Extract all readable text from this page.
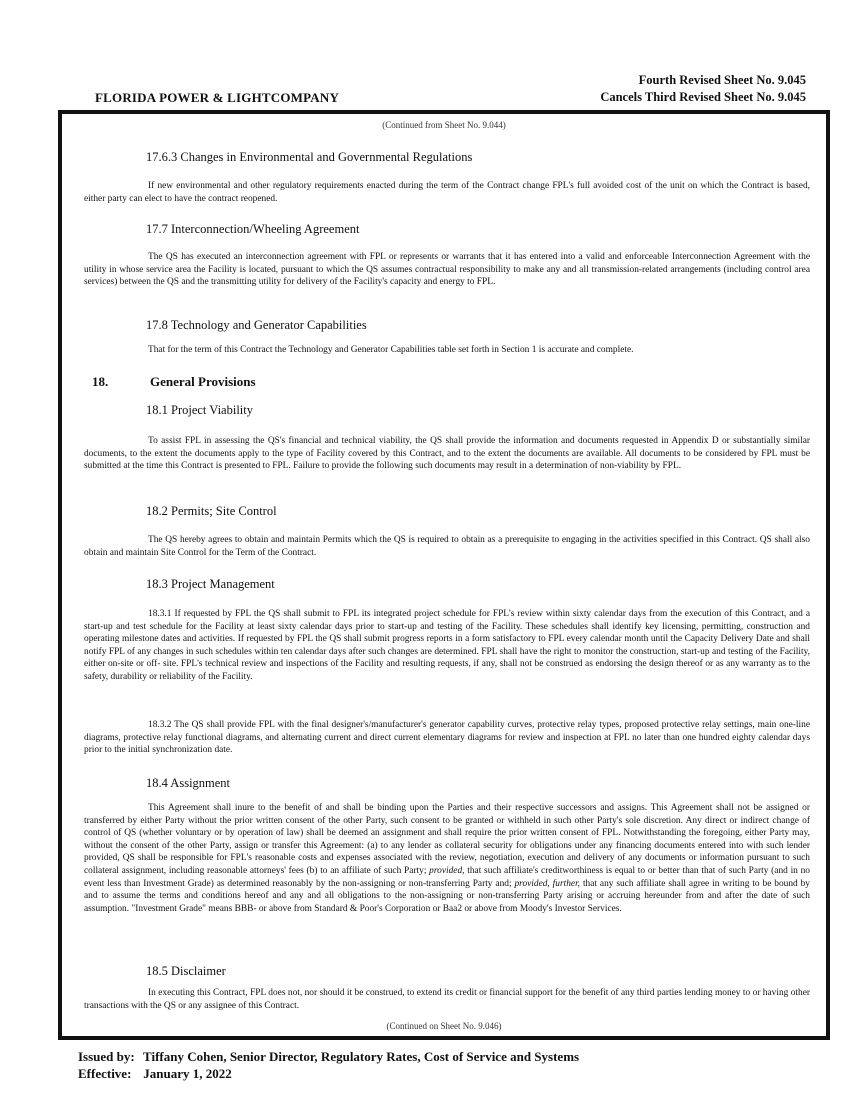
Fourth Revised Sheet No. 9.045
Cancels Third Revised Sheet No. 9.045
FLORIDA POWER & LIGHTCOMPANY
(Continued from Sheet No. 9.044)
17.6.3 Changes in Environmental and Governmental Regulations
If new environmental and other regulatory requirements enacted during the term of the Contract change FPL's full avoided cost of the unit on which the Contract is based, either party can elect to have the contract reopened.
17.7 Interconnection/Wheeling Agreement
The QS has executed an interconnection agreement with FPL or represents or warrants that it has entered into a valid and enforceable Interconnection Agreement with the utility in whose service area the Facility is located, pursuant to which the QS assumes contractual responsibility to make any and all transmission-related arrangements (including control area services) between the QS and the transmitting utility for delivery of the Facility's capacity and energy to FPL.
17.8 Technology and Generator Capabilities
That for the term of this Contract the Technology and Generator Capabilities table set forth in Section 1 is accurate and complete.
18.	General Provisions
18.1 Project Viability
To assist FPL in assessing the QS's financial and technical viability, the QS shall provide the information and documents requested in Appendix D or substantially similar documents, to the extent the documents apply to the type of Facility covered by this Contract, and to the extent the documents are available. All documents to be considered by FPL must be submitted at the time this Contract is presented to FPL. Failure to provide the following such documents may result in a determination of non-viability by FPL.
18.2 Permits; Site Control
The QS hereby agrees to obtain and maintain Permits which the QS is required to obtain as a prerequisite to engaging in the activities specified in this Contract. QS shall also obtain and maintain Site Control for the Term of the Contract.
18.3 Project Management
18.3.1 If requested by FPL the QS shall submit to FPL its integrated project schedule for FPL's review within sixty calendar days from the execution of this Contract, and a start-up and test schedule for the Facility at least sixty calendar days prior to start-up and testing of the Facility. These schedules shall identify key licensing, permitting, construction and operating milestone dates and activities. If requested by FPL the QS shall submit progress reports in a form satisfactory to FPL every calendar month until the Capacity Delivery Date and shall notify FPL of any changes in such schedules within ten calendar days after such changes are determined. FPL shall have the right to monitor the construction, start-up and testing of the Facility, either on-site or off- site. FPL's technical review and inspections of the Facility and resulting requests, if any, shall not be construed as endorsing the design thereof or as any warranty as to the safety, durability or reliability of the Facility.
18.3.2 The QS shall provide FPL with the final designer's/manufacturer's generator capability curves, protective relay types, proposed protective relay settings, main one-line diagrams, protective relay functional diagrams, and alternating current and direct current elementary diagrams for review and inspection at FPL no later than one hundred eighty calendar days prior to the initial synchronization date.
18.4 Assignment
This Agreement shall inure to the benefit of and shall be binding upon the Parties and their respective successors and assigns. This Agreement shall not be assigned or transferred by either Party without the prior written consent of the other Party, such consent to be granted or withheld in such other Party's sole discretion. Any direct or indirect change of control of QS (whether voluntary or by operation of law) shall be deemed an assignment and shall require the prior written consent of FPL. Notwithstanding the foregoing, either Party may, without the consent of the other Party, assign or transfer this Agreement: (a) to any lender as collateral security for obligations under any financing documents entered into with such lender provided, QS shall be responsible for FPL's reasonable costs and expenses associated with the review, negotiation, execution and delivery of any documents or information pursuant to such collateral assignment, including reasonable attorneys' fees (b) to an affiliate of such Party; provided, that such affiliate's creditworthiness is equal to or better than that of such Party (and in no event less than Investment Grade) as determined reasonably by the non-assigning or non-transferring Party and; provided, further, that any such affiliate shall agree in writing to be bound by and to assume the terms and conditions hereof and any and all obligations to the non-assigning or non-transferring Party arising or accruing hereunder from and after the date of such assumption. "Investment Grade" means BBB- or above from Standard & Poor's Corporation or Baa2 or above from Moody's Investor Services.
18.5 Disclaimer
In executing this Contract, FPL does not, nor should it be construed, to extend its credit or financial support for the benefit of any third parties lending money to or having other transactions with the QS or any assignee of this Contract.
(Continued on Sheet No. 9.046)
Issued by: Tiffany Cohen, Senior Director, Regulatory Rates, Cost of Service and Systems
Effective: January 1, 2022
